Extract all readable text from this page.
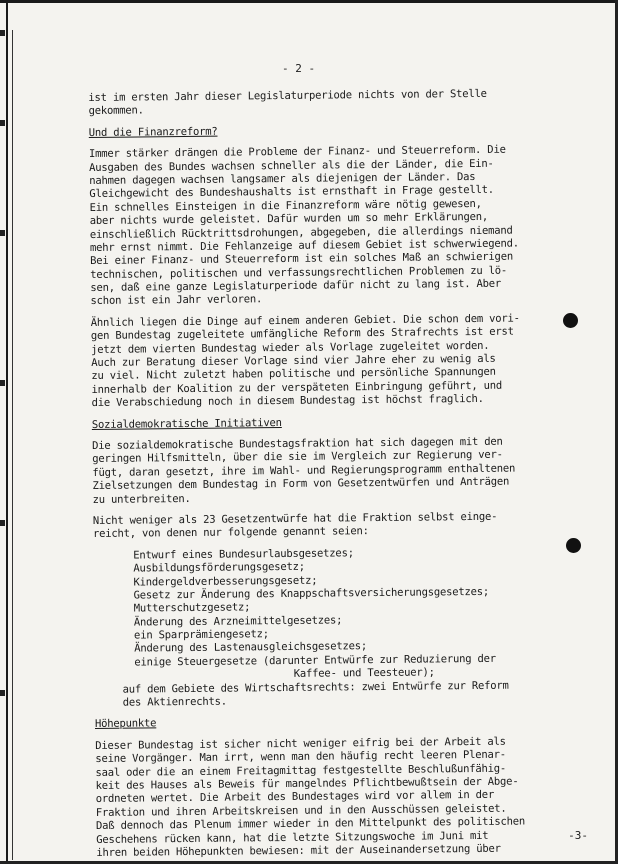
- 2 -
ist im ersten Jahr dieser Legislaturperiode nichts von der Stelle
gekommen.
Und die Finanzreform?
Immer stärker drängen die Probleme der Finanz- und Steuerreform. Die
Ausgaben des Bundes wachsen schneller als die der Länder, die Ein-
nahmen dagegen wachsen langsamer als diejenigen der Länder. Das
Gleichgewicht des Bundeshaushalts ist ernsthaft in Frage gestellt.
Ein schnelles Einsteigen in die Finanzreform wäre nötig gewesen,
aber nichts wurde geleistet. Dafür wurden um so mehr Erklärungen,
einschließlich Rücktrittsdrohungen, abgegeben, die allerdings niemand
mehr ernst nimmt. Die Fehlanzeige auf diesem Gebiet ist schwerwiegend.
Bei einer Finanz- und Steuerreform ist ein solches Maß an schwierigen
technischen, politischen und verfassungsrechtlichen Problemen zu lö-
sen, daß eine ganze Legislaturperiode dafür nicht zu lang ist. Aber
schon ist ein Jahr verloren.
Ähnlich liegen die Dinge auf einem anderen Gebiet. Die schon dem vori-
gen Bundestag zugeleitete umfängliche Reform des Strafrechts ist erst
jetzt dem vierten Bundestag wieder als Vorlage zugeleitet worden.
Auch zur Beratung dieser Vorlage sind vier Jahre eher zu wenig als
zu viel. Nicht zuletzt haben politische und persönliche Spannungen
innerhalb der Koalition zu der verspäteten Einbringung geführt, und
die Verabschiedung noch in diesem Bundestag ist höchst fraglich.
Sozialdemokratische Initiativen
Die sozialdemokratische Bundestagsfraktion hat sich dagegen mit den
geringen Hilfsmitteln, über die sie im Vergleich zur Regierung ver-
fügt, daran gesetzt, ihre im Wahl- und Regierungsprogramm enthaltenen
Zielsetzungen dem Bundestag in Form von Gesetzentwürfen und Anträgen
zu unterbreiten.
Nicht weniger als 23 Gesetzentwürfe hat die Fraktion selbst einge-
reicht, von denen nur folgende genannt seien:
Entwurf eines Bundesurlaubsgesetzes;
Ausbildungsförderungsgesetz;
Kindergeldverbesserungsgesetz;
Gesetz zur Änderung des Knappschaftsversicherungsgesetzes;
Mutterschutzgesetz;
Änderung des Arzneimittelgesetzes;
ein Sparprämiengesetz;
Änderung des Lastenausgleichsgesetzes;
einige Steuergesetze (darunter Entwürfe zur Reduzierung der
Kaffee- und Teesteuer);
auf dem Gebiete des Wirtschaftsrechts: zwei Entwürfe zur Reform
des Aktienrechts.
Höhepunkte
Dieser Bundestag ist sicher nicht weniger eifrig bei der Arbeit als
seine Vorgänger. Man irrt, wenn man den häufig recht leeren Plenar-
saal oder die an einem Freitagmittag festgestellte Beschlußunfähig-
keit des Hauses als Beweis für mangelndes Pflichtbewußtsein der Abge-
ordneten wertet. Die Arbeit des Bundestages wird vor allem in der
Fraktion und ihren Arbeitskreisen und in den Ausschüssen geleistet.
Daß dennoch das Plenum immer wieder in den Mittelpunkt des politischen
Geschehens rücken kann, hat die letzte Sitzungswoche im Juni mit
ihren beiden Höhepunkten bewiesen: mit der Auseinandersetzung über
-3-
